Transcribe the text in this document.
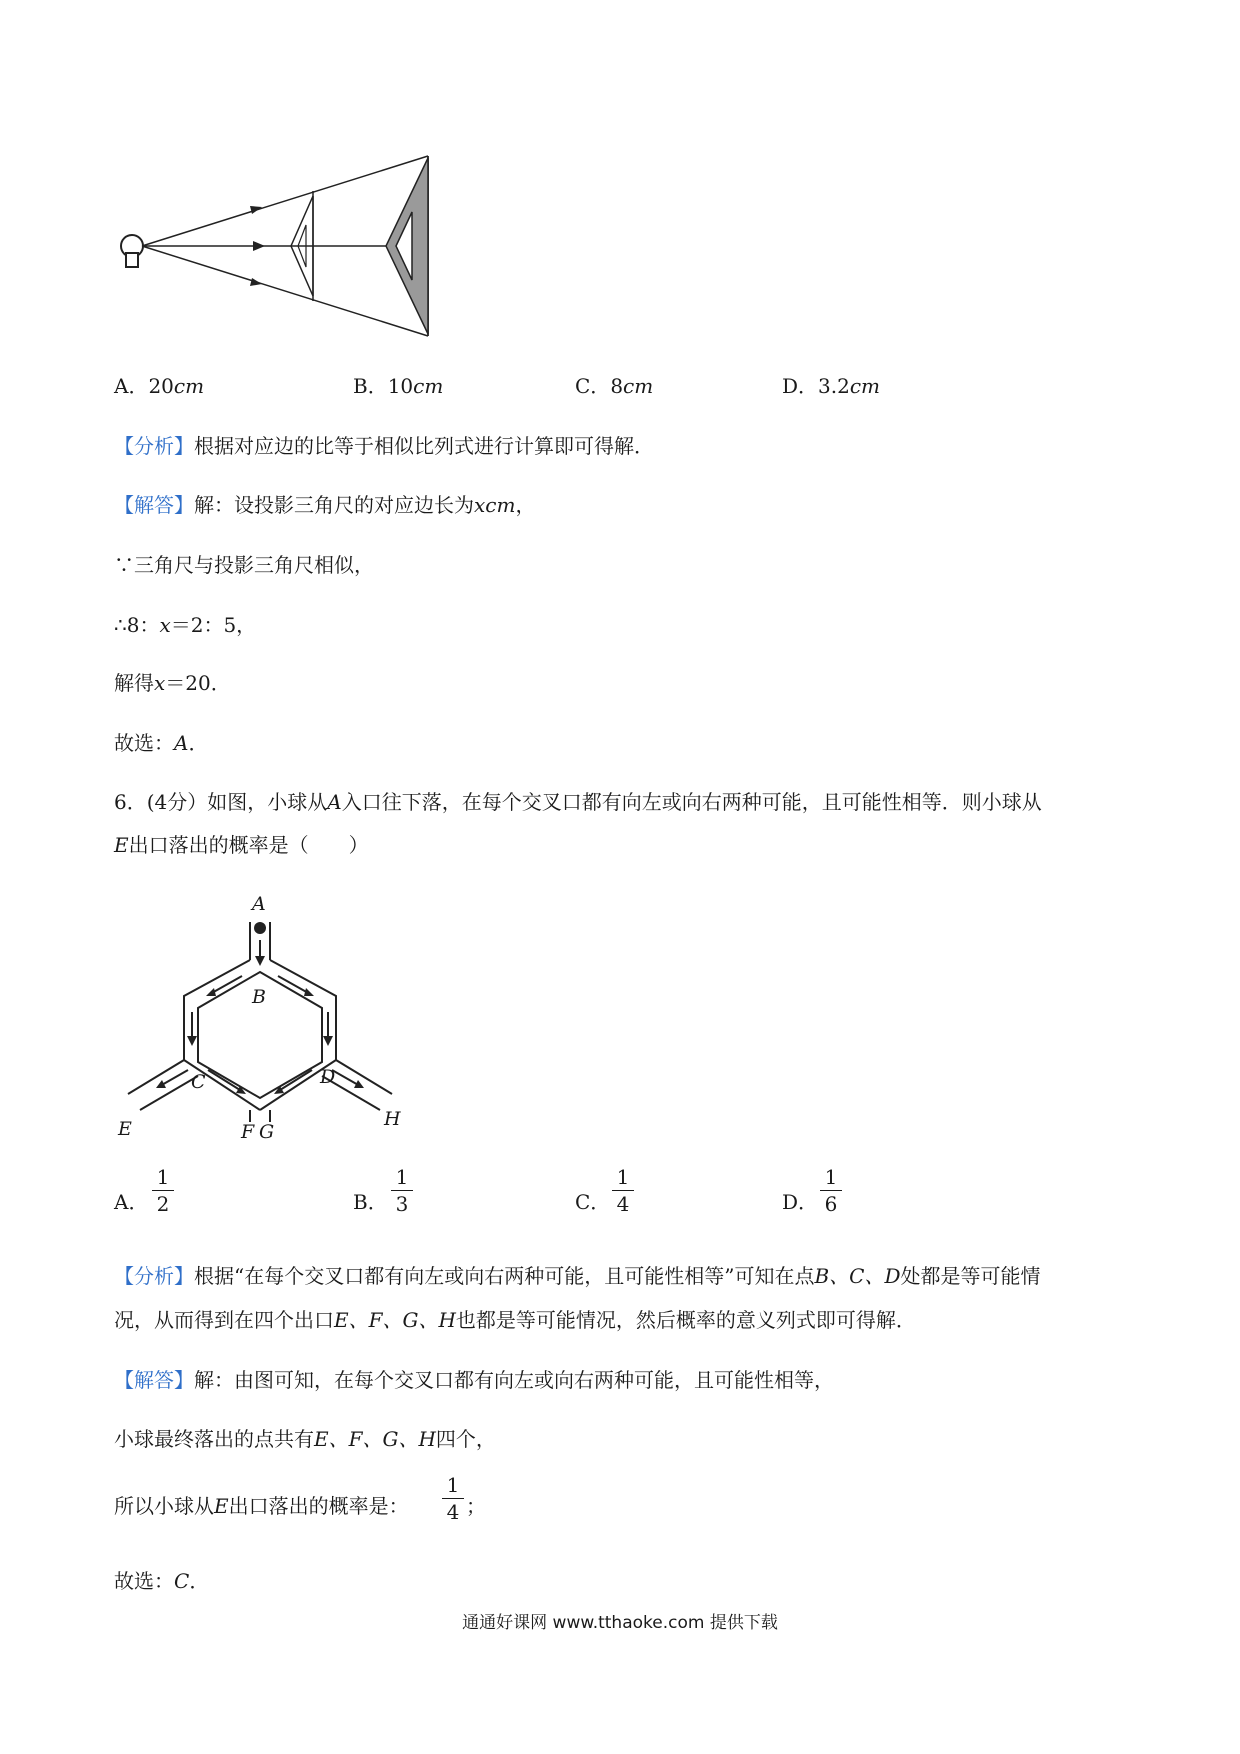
A．20cm	B．10cm	C．8cm	D．3.2cm
【分析】根据对应边的比等于相似比列式进行计算即可得解．
【解答】解：设投影三角尺的对应边长为xcm，
∵三角尺与投影三角尺相似，
∴8：x＝2：5，
解得x＝20．
故选：A．
6．(4分）如图，小球从A入口往下落，在每个交叉口都有向左或向右两种可能，且可能性相等．则小球从
E出口落出的概率是（　　）
A
B
C	D
E	F G
H
A．
1
2	B．
1
3	C．
1
4	D．
1
6
【分析】根据“在每个交叉口都有向左或向右两种可能，且可能性相等”可知在点B、C、D处都是等可能情
况，从而得到在四个出口E、F、G、H也都是等可能情况，然后概率的意义列式即可得解．
【解答】解：由图可知，在每个交叉口都有向左或向右两种可能，且可能性相等，
小球最终落出的点共有E、F、G、H四个，
所以小球从E出口落出的概率是：
1
4 ；
故选：C．
通通好课网 www.tthaoke.com 提供下载
